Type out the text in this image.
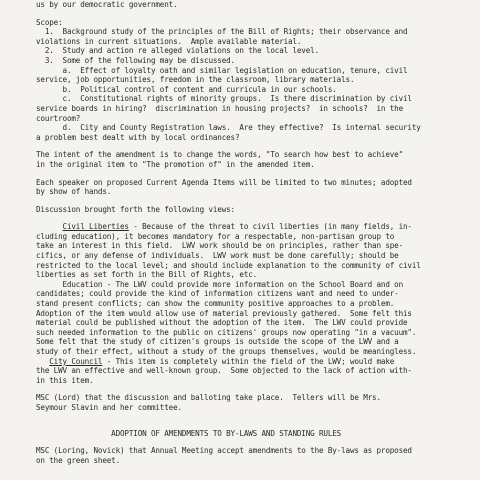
us by our democratic government.
Scope:
1.  Background study of the principles of the Bill of Rights; their observance and
violations in current situations.  Ample available material.
2.  Study and action re alleged violations on the local level.
3.  Some of the following may be discussed.
a.  Effect of loyalty oath and similar legislation on education, tenure, civil
service, job opportunities, freedom in the classroom, library materials.
b.  Political control of content and curricula in our schools.
c.  Constitutional rights of minority groups.  Is there discrimination by civil
service boards in hiring?  discrimination in housing projects?  in schools?  in the
courtroom?
d.  City and County Registration laws.  Are they effective?  Is internal security
a problem best dealt with by local ordinances?
The intent of the amendment is to change the words, "To search how best to achieve"
in the original item to "The promotion of" in the amended item.
Each speaker on proposed Current Agenda Items will be limited to two minutes; adopted
by show of hands.
Discussion brought forth the following views:
Civil Liberties - Because of the threat to civil liberties (in many fields, in-
cluding education), it becomes mandatory for a respectable, non-partisan group to
take an interest in this field.  LWV work should be on principles, rather than spe-
cifics, or any defense of individuals.  LWV work must be done carefully; should be
restricted to the local level; and should include explanation to the community of civil
liberties as set forth in the Bill of Rights, etc.
Education - The LWV could provide more information on the School Board and on
candidates; could provide the kind of information citizens want and need to under-
stand present conflicts; can show the community positive approaches to a problem.
Adoption of the item would allow use of material previously gathered.  Some felt this
material could be published without the adoption of the item.  The LWV could provide
such needed information to the public on citizens' groups now operating "in a vacuum".
Some felt that the study of citizen's groups is outside the scope of the LWV and a
study of their effect, without a study of the groups themselves, would be meaningless.
City Council - This item is completely within the field of the LWV; would make
the LWV an effective and well-known group.  Some objected to the lack of action with-
in this item.
MSC (Lord) that the discussion and balloting take place.  Tellers will be Mrs.
Seymour Slavin and her committee.
ADOPTION OF AMENDMENTS TO BY-LAWS AND STANDING RULES
MSC (Loring, Novick) that Annual Meeting accept amendments to the By-laws as proposed
on the green sheet.
